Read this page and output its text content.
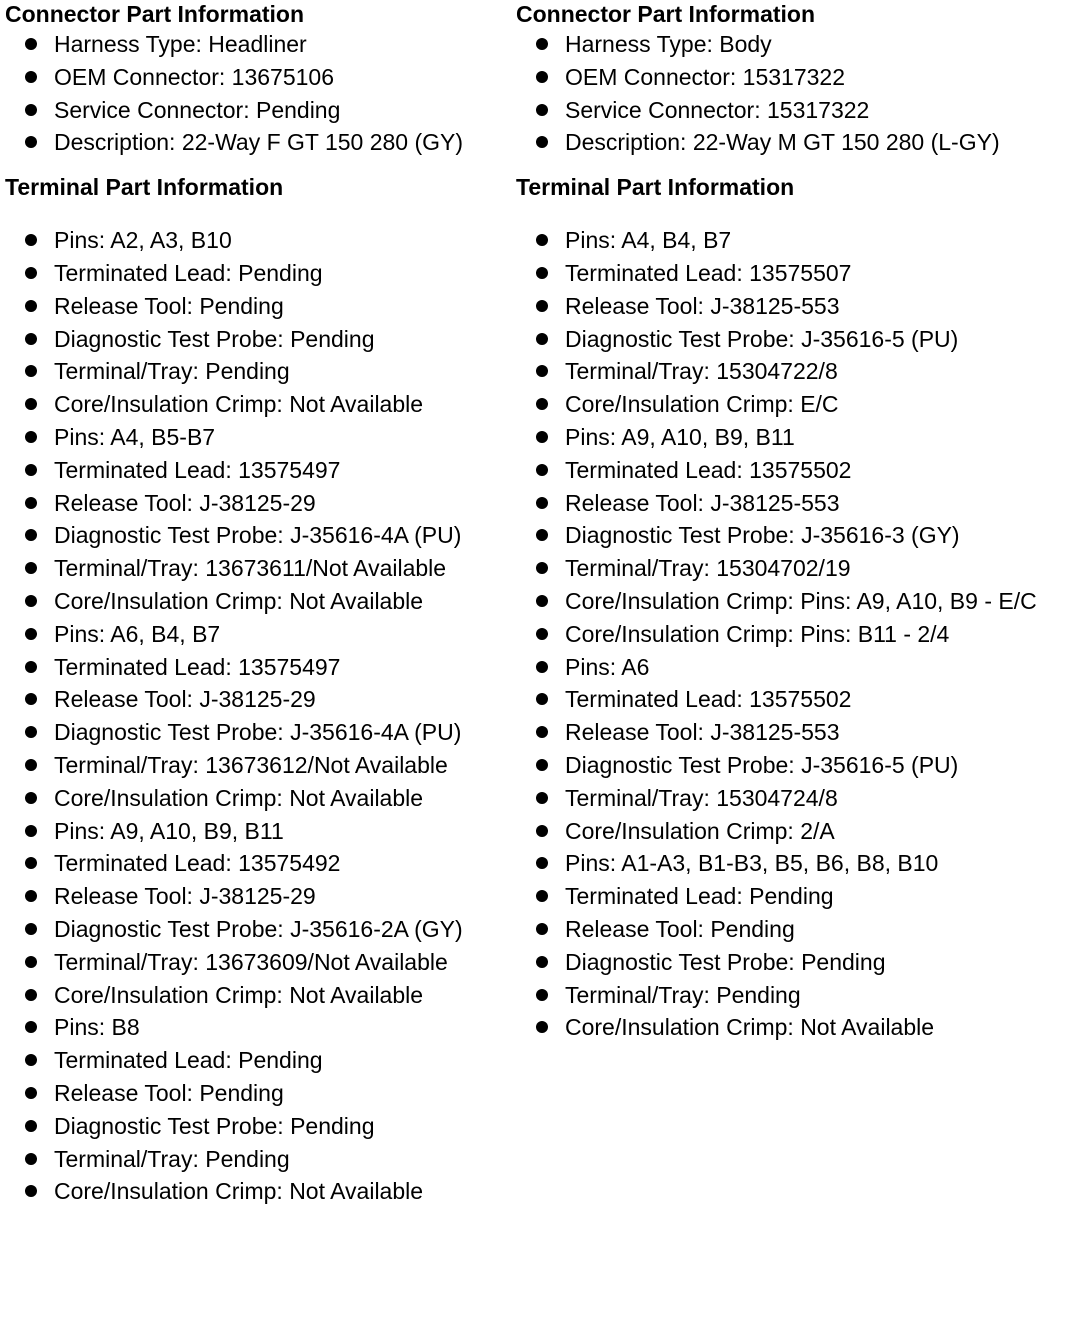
Connector Part Information
Harness Type: Headliner
OEM Connector: 13675106
Service Connector: Pending
Description: 22-Way F GT 150 280 (GY)
Terminal Part Information
Pins: A2, A3, B10
Terminated Lead: Pending
Release Tool: Pending
Diagnostic Test Probe: Pending
Terminal/Tray: Pending
Core/Insulation Crimp: Not Available
Pins: A4, B5-B7
Terminated Lead: 13575497
Release Tool: J-38125-29
Diagnostic Test Probe: J-35616-4A (PU)
Terminal/Tray: 13673611/Not Available
Core/Insulation Crimp: Not Available
Pins: A6, B4, B7
Terminated Lead: 13575497
Release Tool: J-38125-29
Diagnostic Test Probe: J-35616-4A (PU)
Terminal/Tray: 13673612/Not Available
Core/Insulation Crimp: Not Available
Pins: A9, A10, B9, B11
Terminated Lead: 13575492
Release Tool: J-38125-29
Diagnostic Test Probe: J-35616-2A (GY)
Terminal/Tray: 13673609/Not Available
Core/Insulation Crimp: Not Available
Pins: B8
Terminated Lead: Pending
Release Tool: Pending
Diagnostic Test Probe: Pending
Terminal/Tray: Pending
Core/Insulation Crimp: Not Available
Connector Part Information
Harness Type: Body
OEM Connector: 15317322
Service Connector: 15317322
Description: 22-Way M GT 150 280 (L-GY)
Terminal Part Information
Pins: A4, B4, B7
Terminated Lead: 13575507
Release Tool: J-38125-553
Diagnostic Test Probe: J-35616-5 (PU)
Terminal/Tray: 15304722/8
Core/Insulation Crimp: E/C
Pins: A9, A10, B9, B11
Terminated Lead: 13575502
Release Tool: J-38125-553
Diagnostic Test Probe: J-35616-3 (GY)
Terminal/Tray: 15304702/19
Core/Insulation Crimp: Pins: A9, A10, B9 - E/C
Core/Insulation Crimp: Pins: B11 - 2/4
Pins: A6
Terminated Lead: 13575502
Release Tool: J-38125-553
Diagnostic Test Probe: J-35616-5 (PU)
Terminal/Tray: 15304724/8
Core/Insulation Crimp: 2/A
Pins: A1-A3, B1-B3, B5, B6, B8, B10
Terminated Lead: Pending
Release Tool: Pending
Diagnostic Test Probe: Pending
Terminal/Tray: Pending
Core/Insulation Crimp: Not Available
